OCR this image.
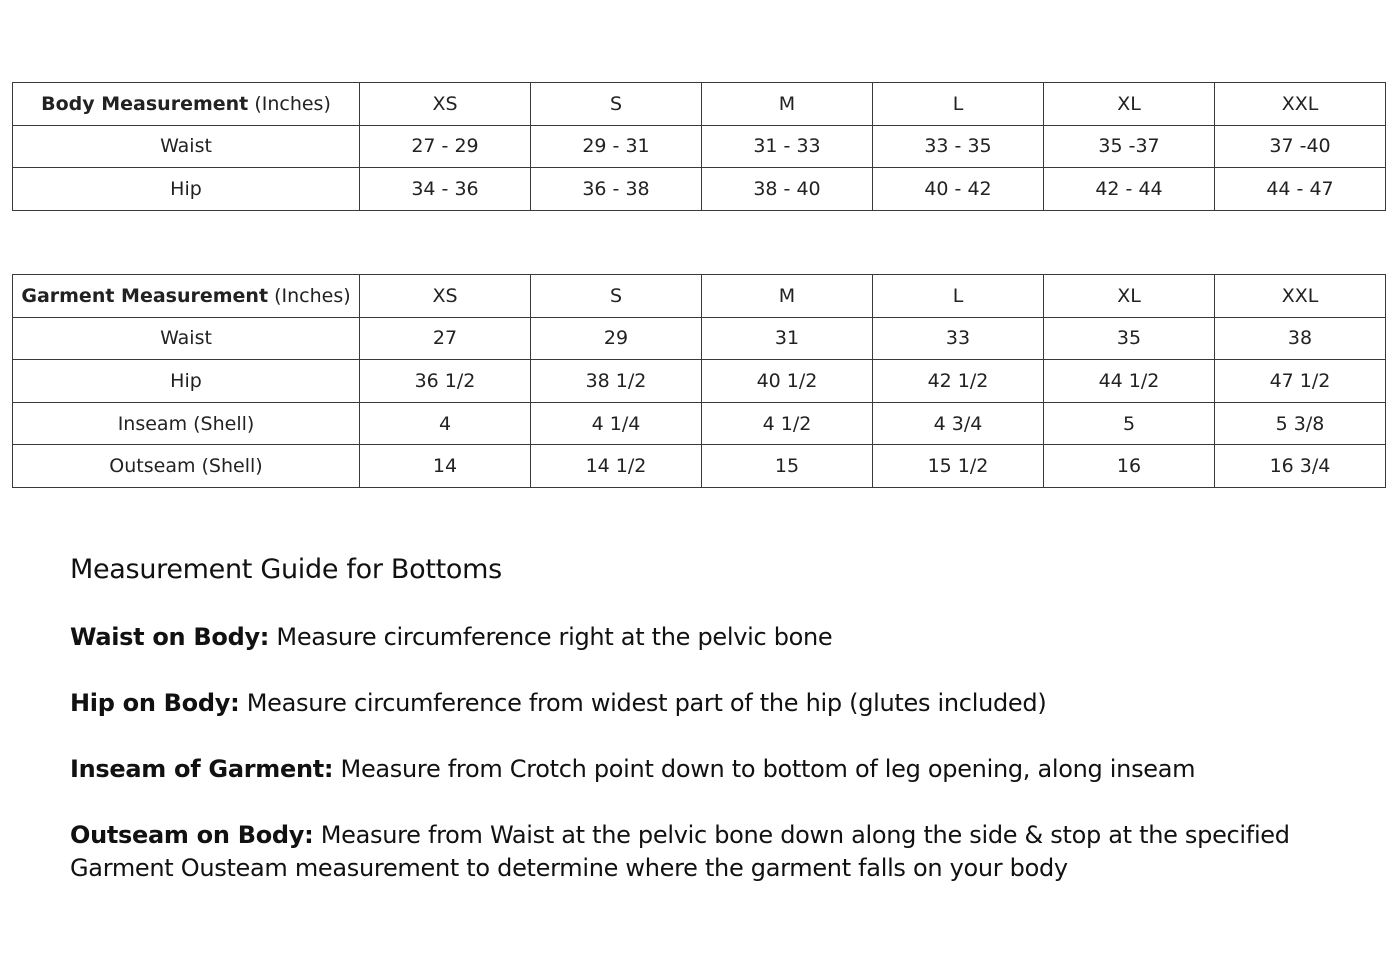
Body Measurement (Inches)	XS	S	M	L	XL	XXL
Waist	27 - 29	29 - 31	31 - 33	33 - 35	35 -37	37 -40
Hip	34 - 36	36 - 38	38 - 40	40 - 42	42 - 44	44 - 47
Garment Measurement (Inches)	XS	S	M	L	XL	XXL
Waist	27	29	31	33	35	38
Hip	36 1/2	38 1/2	40 1/2	42 1/2	44 1/2	47 1/2
Inseam (Shell)	4	4 1/4	4 1/2	4 3/4	5	5 3/8
Outseam (Shell)	14	14 1/2	15	15 1/2	16	16 3/4
Measurement Guide for Bottoms

Waist on Body: Measure circumference right at the pelvic bone

Hip on Body: Measure circumference from widest part of the hip (glutes included)

Inseam of Garment: Measure from Crotch point down to bottom of leg opening, along inseam

Outseam on Body: Measure from Waist at the pelvic bone down along the side & stop at the specified Garment Ousteam measurement to determine where the garment falls on your body
